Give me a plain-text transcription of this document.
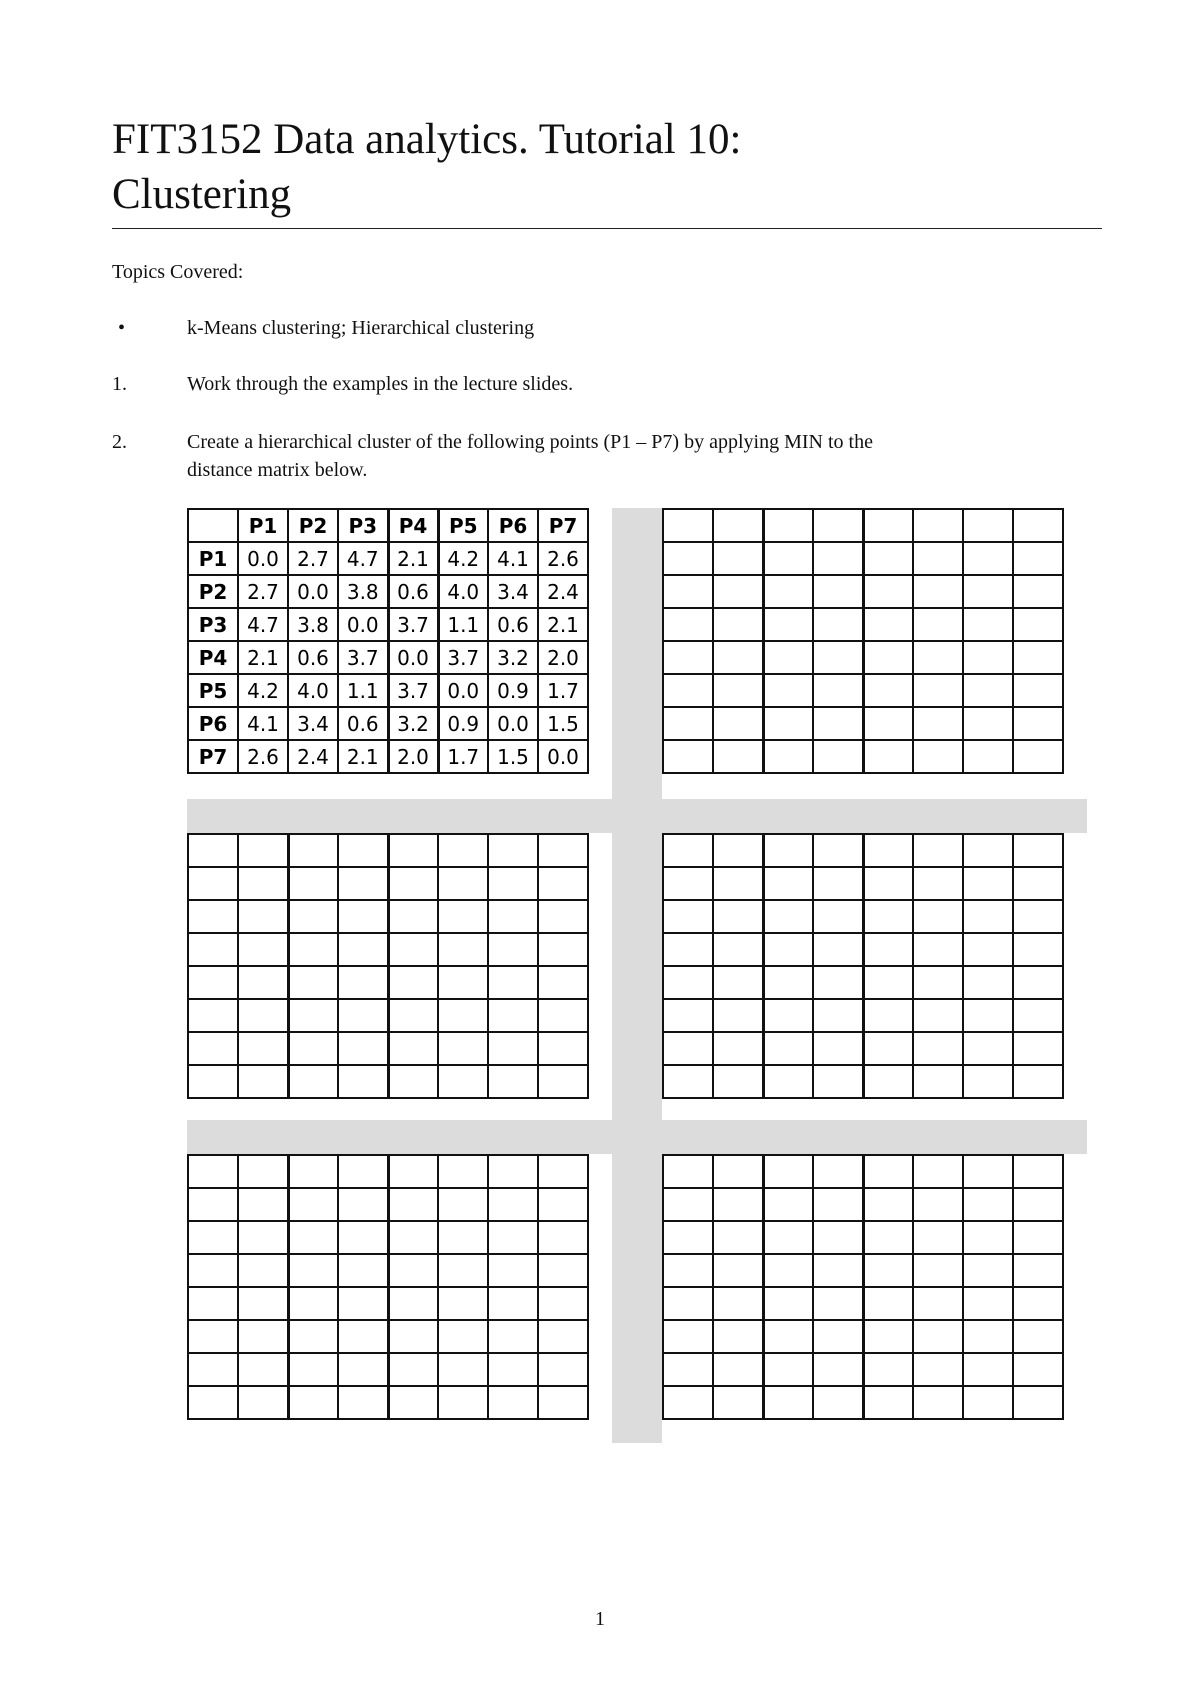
FIT3152 Data analytics. Tutorial 10:
Clustering

Topics Covered:

•	k-Means clustering; Hierarchical clustering

1.	Work through the examples in the lecture slides.

2.	Create a hierarchical cluster of the following points (P1 – P7) by applying MIN to the

distance matrix below.

	P1	P2	P3	P4	P5	P6	P7
P1	0.0	2.7	4.7	2.1	4.2	4.1	2.6
P2	2.7	0.0	3.8	0.6	4.0	3.4	2.4
P3	4.7	3.8	0.0	3.7	1.1	0.6	2.1
P4	2.1	0.6	3.7	0.0	3.7	3.2	2.0
P5	4.2	4.0	1.1	3.7	0.0	0.9	1.7
P6	4.1	3.4	0.6	3.2	0.9	0.0	1.5
P7	2.6	2.4	2.1	2.0	1.7	1.5	0.0

1
